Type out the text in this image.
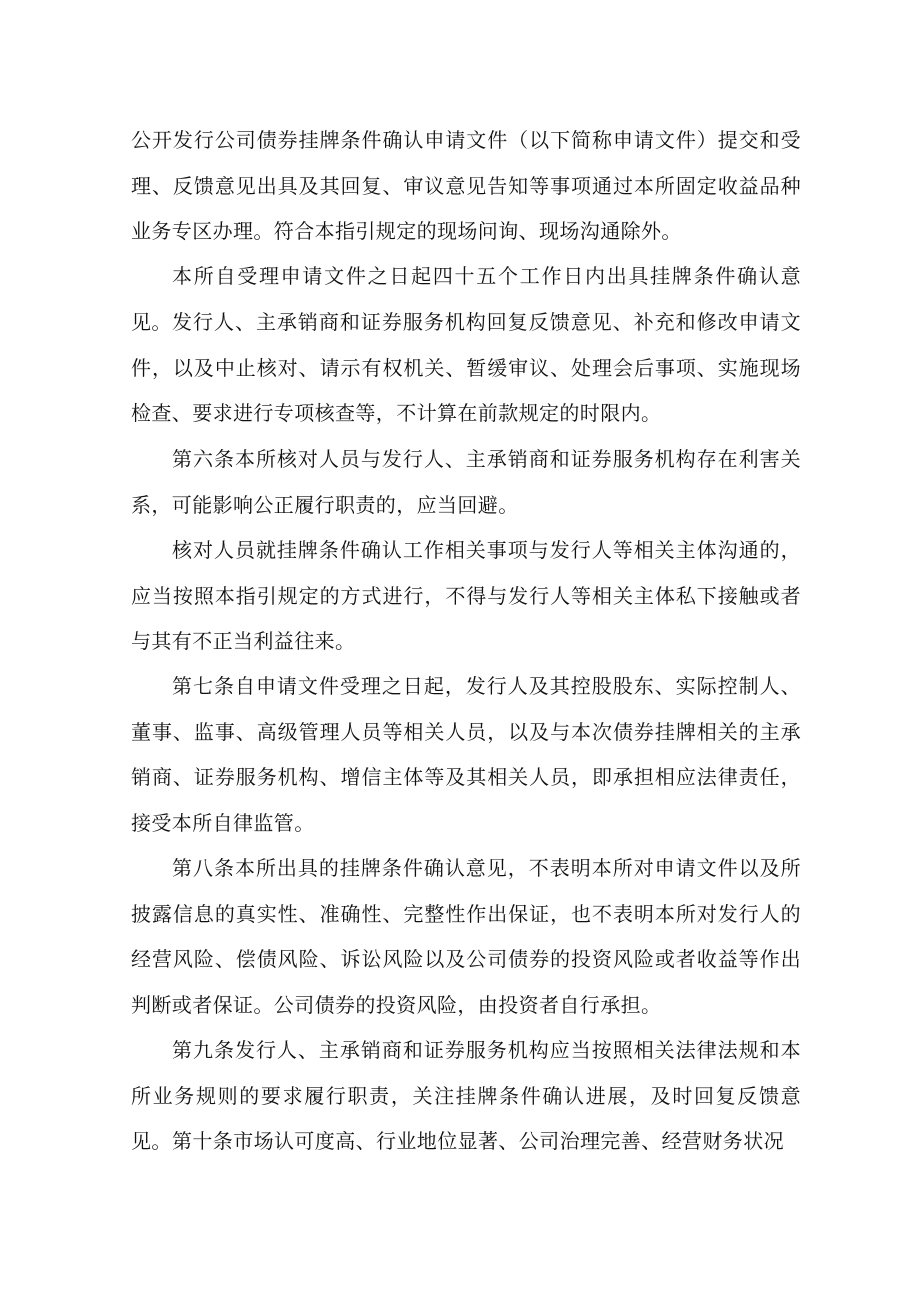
公开发行公司债券挂牌条件确认申请文件（以下简称申请文件）提交和受理、反馈意见出具及其回复、审议意见告知等事项通过本所固定收益品种业务专区办理。符合本指引规定的现场问询、现场沟通除外。

本所自受理申请文件之日起四十五个工作日内出具挂牌条件确认意见。 发行人、主承销商和证券服务机构回复反馈意见、补充和修改申请文件，以及中止核对、请示有权机关、暂缓审议、处理会后事项、实施现场检查、要求进行专项核查等，不计算在前款规定的时限内。

第六条本所核对人员与发行人、主承销商和证券服务机构存在利害关系，可能影响公正履行职责的，应当回避。

核对人员就挂牌条件确认工作相关事项与发行人等相关主体沟通的，应当按照本指引规定的方式进行，不得与发行人等相关主体私下接触或者与其有不正当利益往来。

第七条自申请文件受理之日起，发行人及其控股股东、实际控制人、董事、监事、高级管理人员等相关人员，以及与本次债券挂牌相关的主承销商、证券服务机构、增信主体等及其相关人员，即承担相应法律责任，接受本所自律监管。

第八条本所出具的挂牌条件确认意见，不表明本所对申请文件以及所披露信息的真实性、准确性、完整性作出保证，也不表明本所对发行人的经营风险、偿债风险、诉讼风险以及公司债券的投资风险或者收益等作出判断或者保证。公司债券的投资风险，由投资者自行承担。

第九条发行人、主承销商和证券服务机构应当按照相关法律法规和本所业务规则的要求履行职责，关注挂牌条件确认进展，及时回复反馈意见。 第十条市场认可度高、行业地位显著、公司治理完善、经营财务状况
